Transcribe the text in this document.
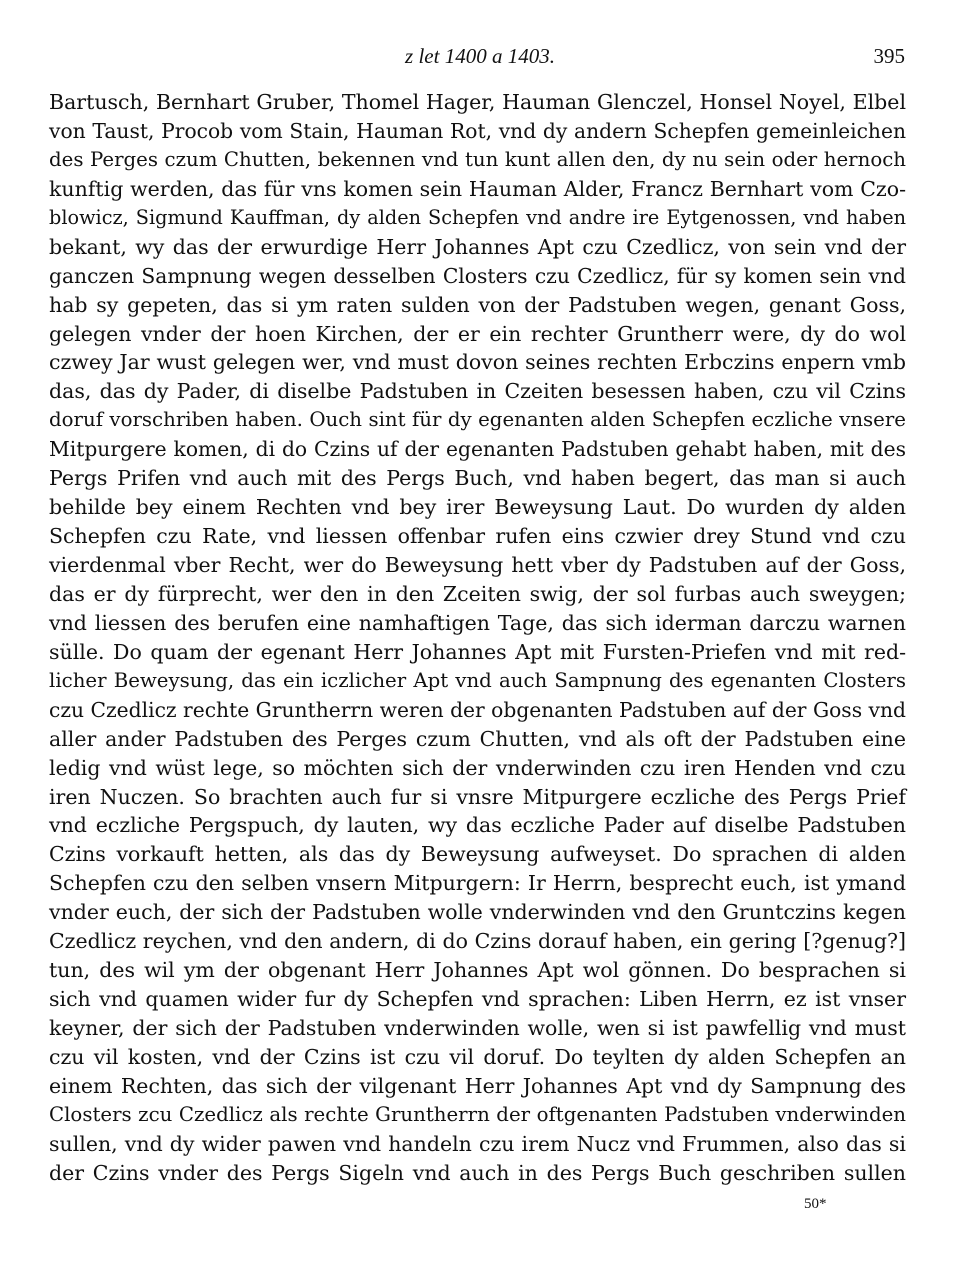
z let 1400 a 1403.	395
Bartusch, Bernhart Gruber, Thomel Hager, Hauman Glenczel, Honsel Noyel, Elbel
von Taust, Procob vom Stain, Hauman Rot, vnd dy andern Schepfen gemeinleichen
des Perges czum Chutten, bekennen vnd tun kunt allen den, dy nu sein oder hernoch
kunftig werden, das für vns komen sein Hauman Alder, Francz Bernhart vom Czo-
blowicz, Sigmund Kauffman, dy alden Schepfen vnd andre ire Eytgenossen, vnd haben
bekant, wy das der erwurdige Herr Johannes Apt czu Czedlicz, von sein vnd der
ganczen Sampnung wegen desselben Closters czu Czedlicz, für sy komen sein vnd
hab sy gepeten, das si ym raten sulden von der Padstuben wegen, genant Goss,
gelegen vnder der hoen Kirchen, der er ein rechter Gruntherr were, dy do wol
czwey Jar wust gelegen wer, vnd must dovon seines rechten Erbczins enpern vmb
das, das dy Pader, di diselbe Padstuben in Czeiten besessen haben, czu vil Czins
doruf vorschriben haben. Ouch sint für dy egenanten alden Schepfen eczliche vnsere
Mitpurgere komen, di do Czins uf der egenanten Padstuben gehabt haben, mit des
Pergs Prifen vnd auch mit des Pergs Buch, vnd haben begert, das man si auch
behilde bey einem Rechten vnd bey irer Beweysung Laut. Do wurden dy alden
Schepfen czu Rate, vnd liessen offenbar rufen eins czwier drey Stund vnd czu
vierdenmal vber Recht, wer do Beweysung hett vber dy Padstuben auf der Goss,
das er dy fürprecht, wer den in den Zceiten swig, der sol furbas auch sweygen;
vnd liessen des berufen eine namhaftigen Tage, das sich iderman darczu warnen
sülle. Do quam der egenant Herr Johannes Apt mit Fursten-Priefen vnd mit red-
licher Beweysung, das ein iczlicher Apt vnd auch Sampnung des egenanten Closters
czu Czedlicz rechte Gruntherrn weren der obgenanten Padstuben auf der Goss vnd
aller ander Padstuben des Perges czum Chutten, vnd als oft der Padstuben eine
ledig vnd wüst lege, so möchten sich der vnderwinden czu iren Henden vnd czu
iren Nuczen. So brachten auch fur si vnsre Mitpurgere eczliche des Pergs Prief
vnd eczliche Pergspuch, dy lauten, wy das eczliche Pader auf diselbe Padstuben
Czins vorkauft hetten, als das dy Beweysung aufweyset. Do sprachen di alden
Schepfen czu den selben vnsern Mitpurgern: Ir Herrn, besprecht euch, ist ymand
vnder euch, der sich der Padstuben wolle vnderwinden vnd den Gruntczins kegen
Czedlicz reychen, vnd den andern, di do Czins dorauf haben, ein gering [?genug?]
tun, des wil ym der obgenant Herr Johannes Apt wol gönnen. Do besprachen si
sich vnd quamen wider fur dy Schepfen vnd sprachen: Liben Herrn, ez ist vnser
keyner, der sich der Padstuben vnderwinden wolle, wen si ist pawfellig vnd must
czu vil kosten, vnd der Czins ist czu vil doruf. Do teylten dy alden Schepfen an
einem Rechten, das sich der vilgenant Herr Johannes Apt vnd dy Sampnung des
Closters zcu Czedlicz als rechte Gruntherrn der oftgenanten Padstuben vnderwinden
sullen, vnd dy wider pawen vnd handeln czu irem Nucz vnd Frummen, also das si
der Czins vnder des Pergs Sigeln vnd auch in des Pergs Buch geschriben sullen
50*
